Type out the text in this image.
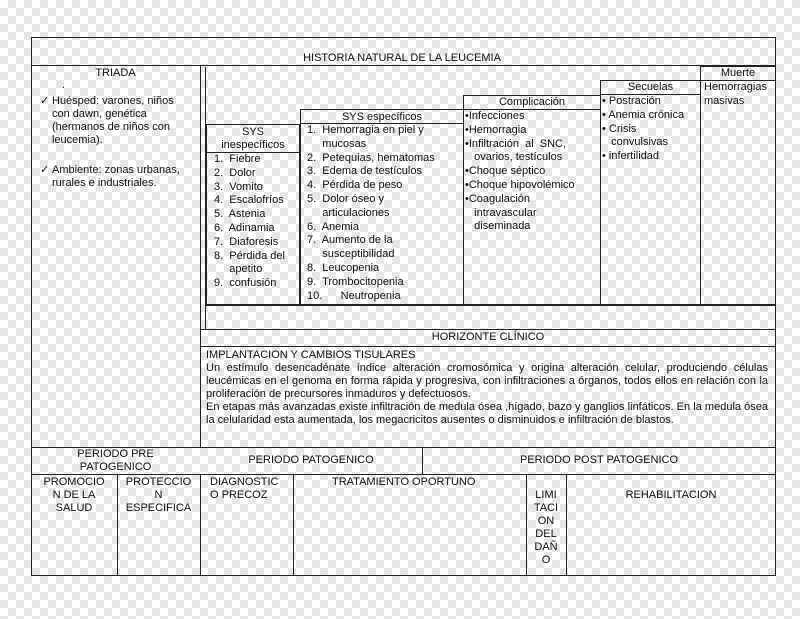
HISTORIA NATURAL DE LA LEUCEMIA
TRIADA
.
✓ Huésped: varones, niños
con dawn, genética
(hermanos de niños con
leucemia).
✓ Ambiente: zonas urbanas,
rurales e industriales.
SYS
inespecíficos
1.  Fiebre
2.  Dolor
3.  Vomito
4.  Escalofríos
5.  Astenia
6.  Adinamia
7.  Diaforesis
8.  Pérdida del
apetito
9.  confusión
SYS específicos
1.  Hemorragia en piel y
mucosas
2.  Petequias, hematomas
3.  Edema de testículos
4.  Pérdida de peso
5.  Dolor óseo y
articulaciones
6.  Anemia
7.  Aumento de la
susceptibilidad
8.  Leucopenia
9.  Trombocitopenia
10.      Neutropenia
Complicación
•Infecciones
•Hemorragia
•Infiltración  al  SNC,
ovarios, testículos
•Choque séptico
•Choque hipovolémico
•Coagulación
intravascular
diseminada
Secuelas
• Postración
• Anemia crónica
• Crisis
convulsivas
• infertilidad
Muerte
Hemorragias
masivas
HORIZONTE CLÍNICO
IMPLANTACION Y CAMBIOS TISULARES
Un estímulo desencadénate índice alteración cromosómica y origina alteración celular, produciendo células leucémicas en el genoma en forma rápida y progresiva, con infiltraciones a órganos, todos ellos en relación con la proliferación de precursores inmaduros y defectuosos.
En etapas más avanzadas existe infiltración de medula ósea ,hígado, bazo y ganglios linfáticos. En la medula ósea la celularidad esta aumentada, los megacricitos ausentes o disminuidos e infiltración de blastos.
PERIODO PRE
PATOGENICO
PERIODO PATOGENICO	PERIODO POST PATOGENICO
PROMOCIO
N DE LA
SALUD
PROTECCIO
N
ESPECIFICA
DIAGNOSTIC
O PRECOZ
TRATAMIENTO OPORTUNO
LIMI
TACI
ON
DEL
DAÑ
O
REHABILITACION
